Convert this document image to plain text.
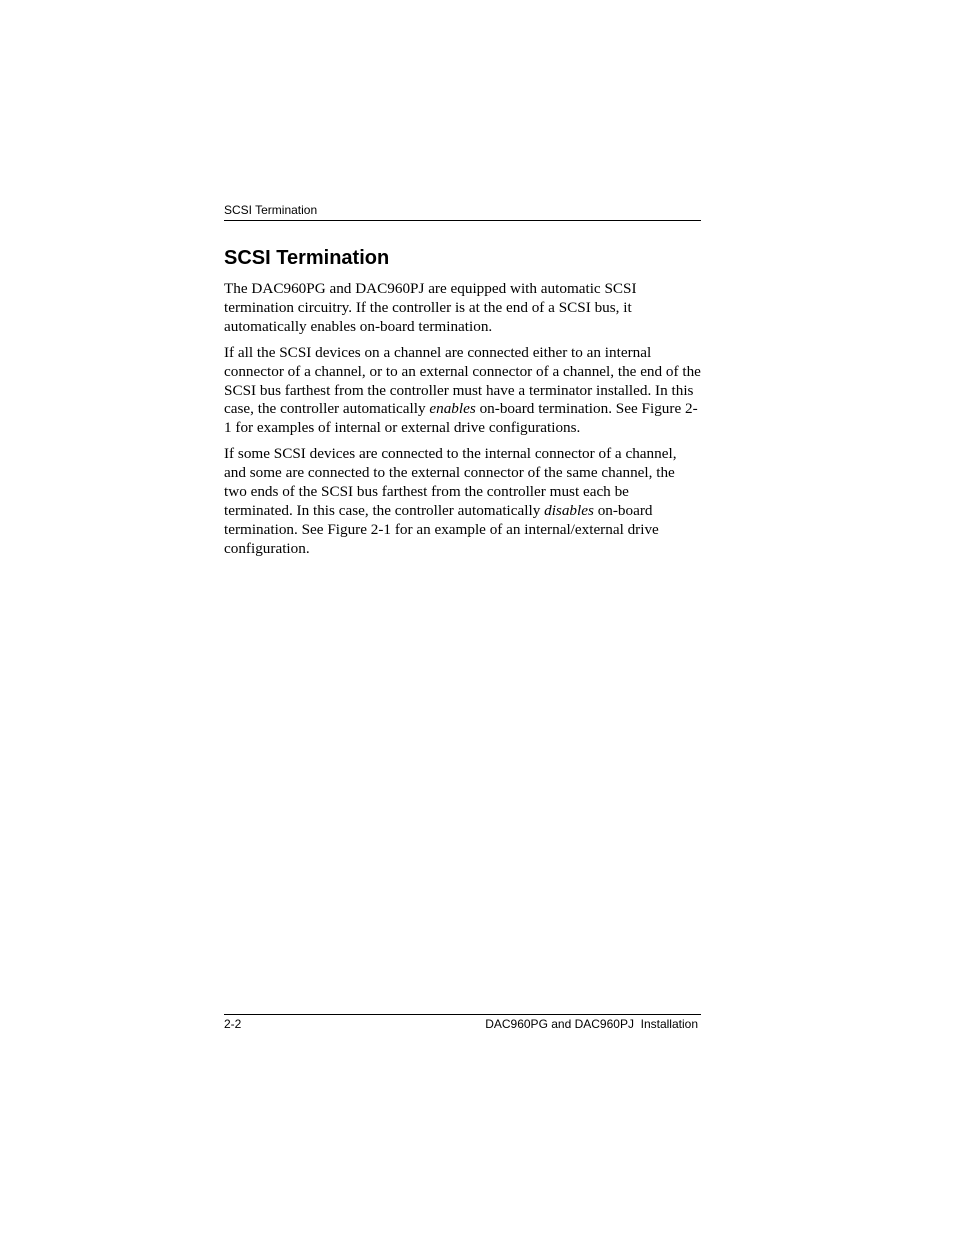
SCSI Termination
SCSI Termination

The DAC960PG and DAC960PJ are equipped with automatic SCSI termination circuitry. If the controller is at the end of a SCSI bus, it automatically enables on-board termination.

If all the SCSI devices on a channel are connected either to an internal connector of a channel, or to an external connector of a channel, the end of the SCSI bus farthest from the controller must have a terminator installed. In this case, the controller automatically enables on-board termination. See Figure 2-1 for examples of internal or external drive configurations.

If some SCSI devices are connected to the internal connector of a channel, and some are connected to the external connector of the same channel, the two ends of the SCSI bus farthest from the controller must each be terminated. In this case, the controller automatically disables on-board termination. See Figure 2-1 for an example of an internal/external drive configuration.

2-2	DAC960PG and DAC960PJ  Installation
